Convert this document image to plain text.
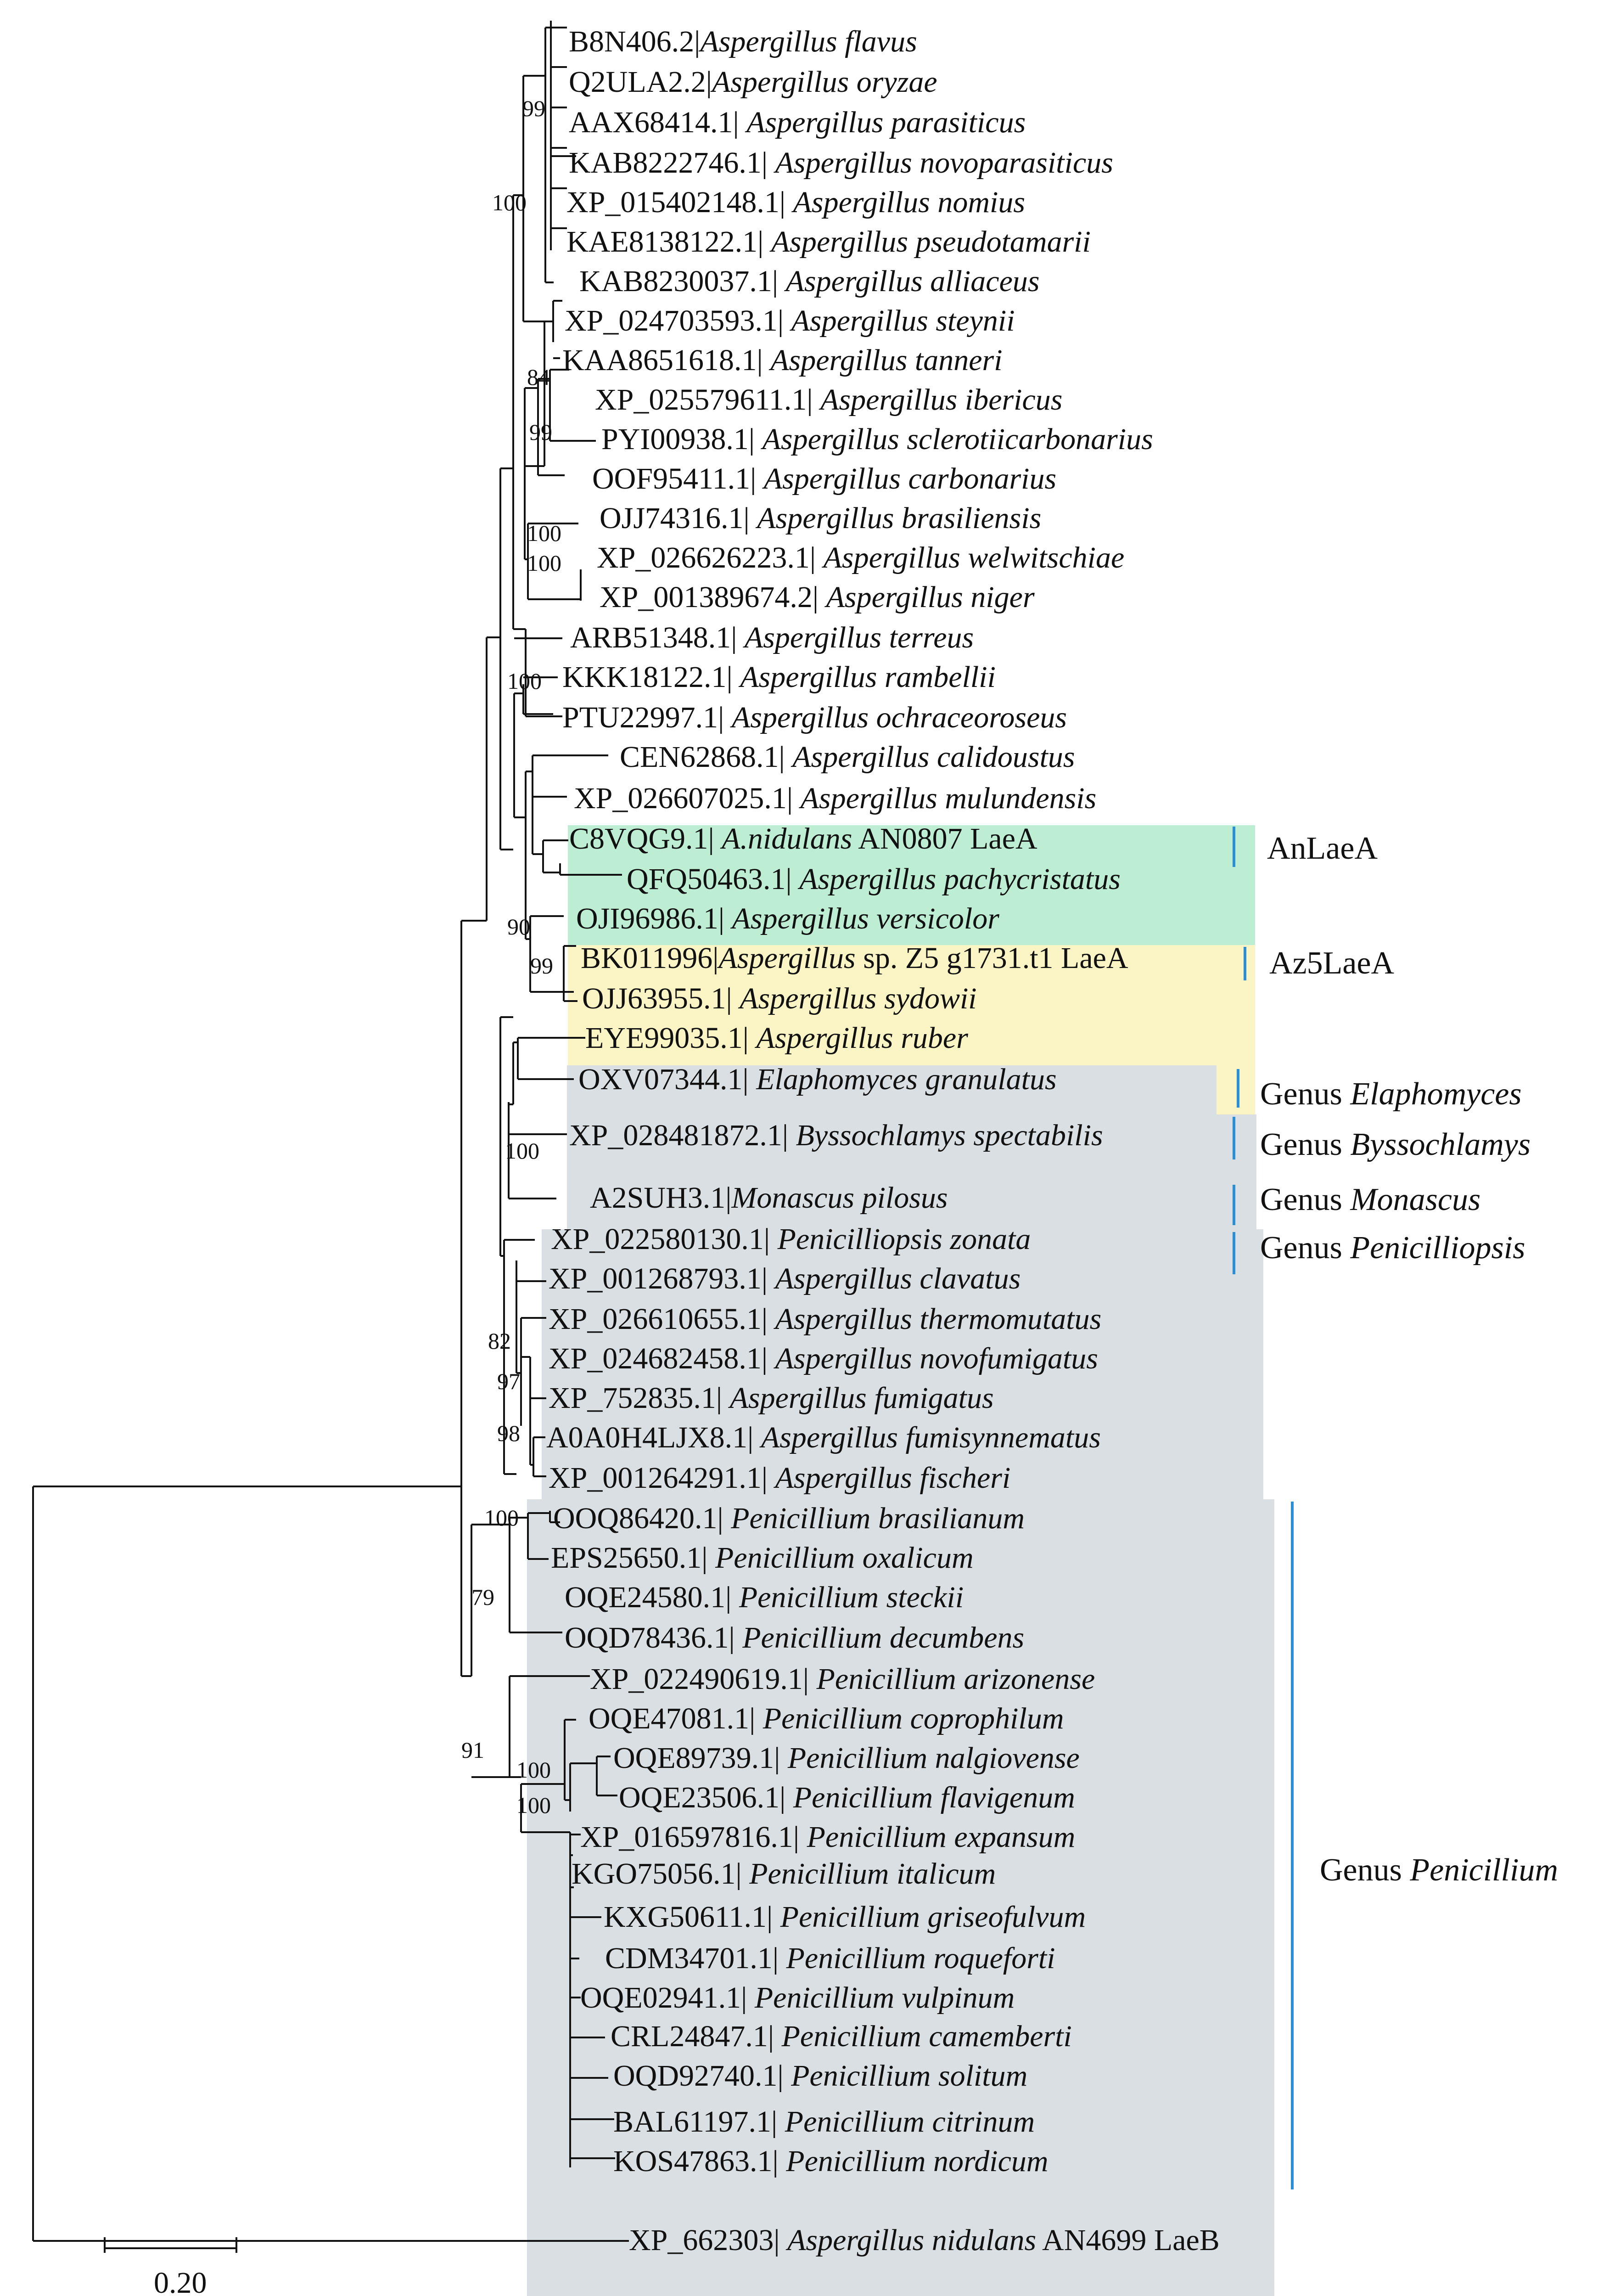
B8N406.2|Aspergillus flavus
Q2ULA2.2|Aspergillus oryzae
AAX68414.1| Aspergillus parasiticus
KAB8222746.1| Aspergillus novoparasiticus
XP_015402148.1| Aspergillus nomius
KAE8138122.1| Aspergillus pseudotamarii
KAB8230037.1| Aspergillus alliaceus
XP_024703593.1| Aspergillus steynii
KAA8651618.1| Aspergillus tanneri
XP_025579611.1| Aspergillus ibericus
PYI00938.1| Aspergillus sclerotiicarbonarius
OOF95411.1| Aspergillus carbonarius
OJJ74316.1| Aspergillus brasiliensis
XP_026626223.1| Aspergillus welwitschiae
XP_001389674.2| Aspergillus niger
ARB51348.1| Aspergillus terreus
KKK18122.1| Aspergillus rambellii
PTU22997.1| Aspergillus ochraceoroseus
CEN62868.1| Aspergillus calidoustus
XP_026607025.1| Aspergillus mulundensis
C8VQG9.1| A.nidulans AN0807 LaeA
QFQ50463.1| Aspergillus pachycristatus
OJI96986.1| Aspergillus versicolor
BK011996|Aspergillus sp. Z5 g1731.t1 LaeA
OJJ63955.1| Aspergillus sydowii
EYE99035.1| Aspergillus ruber
OXV07344.1| Elaphomyces granulatus
XP_028481872.1| Byssochlamys spectabilis
A2SUH3.1|Monascus pilosus
XP_022580130.1| Penicilliopsis zonata
XP_001268793.1| Aspergillus clavatus
XP_026610655.1| Aspergillus thermomutatus
XP_024682458.1| Aspergillus novofumigatus
XP_752835.1| Aspergillus fumigatus
A0A0H4LJX8.1| Aspergillus fumisynnematus
XP_001264291.1| Aspergillus fischeri
OOQ86420.1| Penicillium brasilianum
EPS25650.1| Penicillium oxalicum
OQE24580.1| Penicillium steckii
OQD78436.1| Penicillium decumbens
XP_022490619.1| Penicillium arizonense
OQE47081.1| Penicillium coprophilum
OQE89739.1| Penicillium nalgiovense
OQE23506.1| Penicillium flavigenum
XP_016597816.1| Penicillium expansum
KGO75056.1| Penicillium italicum
KXG50611.1| Penicillium griseofulvum
CDM34701.1| Penicillium roqueforti
OQE02941.1| Penicillium vulpinum
CRL24847.1| Penicillium camemberti
OQD92740.1| Penicillium solitum
BAL61197.1| Penicillium citrinum
KOS47863.1| Penicillium nordicum
XP_662303| Aspergillus nidulans AN4699 LaeB
99
100
84
99
100
100
100
90
99
100
82
97
98
100
79
91
100
100
AnLaeA
Az5LaeA
Genus Elaphomyces
Genus Byssochlamys
Genus Monascus
Genus Penicilliopsis
Genus Penicillium
0.20
